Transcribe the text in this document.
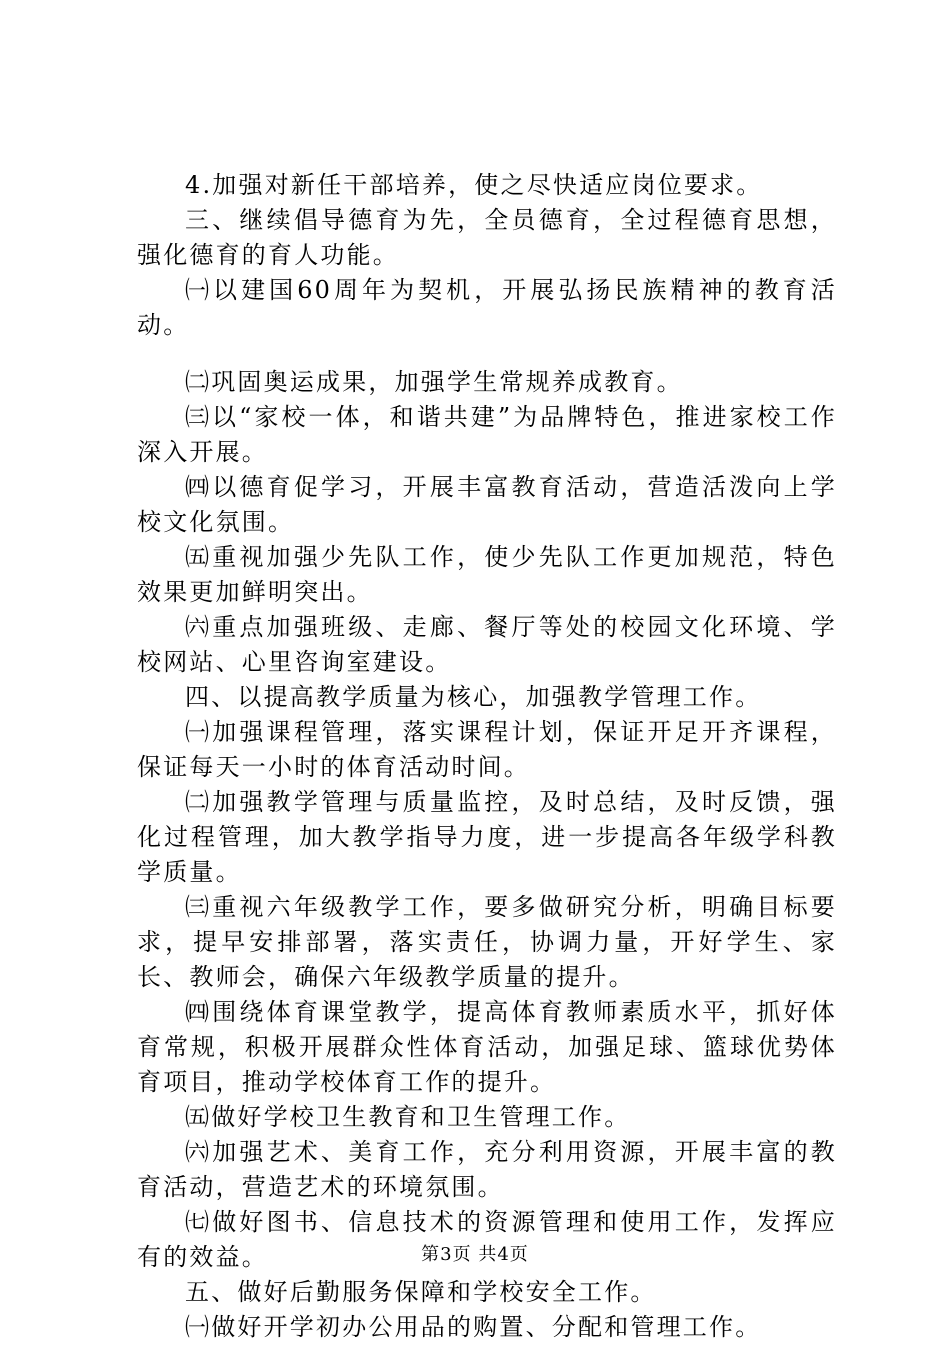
4.加强对新任干部培养，使之尽快适应岗位要求。

三、继续倡导德育为先，全员德育，全过程德育思想，强化德育的育人功能。

㈠以建国60周年为契机，开展弘扬民族精神的教育活动。

㈡巩固奥运成果，加强学生常规养成教育。

㈢以“家校一体，和谐共建”为品牌特色，推进家校工作深入开展。

㈣以德育促学习，开展丰富教育活动，营造活泼向上学校文化氛围。

㈤重视加强少先队工作，使少先队工作更加规范，特色效果更加鲜明突出。

㈥重点加强班级、走廊、餐厅等处的校园文化环境、学校网站、心里咨询室建设。

四、以提高教学质量为核心，加强教学管理工作。

㈠加强课程管理，落实课程计划，保证开足开齐课程，保证每天一小时的体育活动时间。

㈡加强教学管理与质量监控，及时总结，及时反馈，强化过程管理，加大教学指导力度，进一步提高各年级学科教学质量。

㈢重视六年级教学工作，要多做研究分析，明确目标要求，提早安排部署，落实责任，协调力量，开好学生、家长、教师会，确保六年级教学质量的提升。

㈣围绕体育课堂教学，提高体育教师素质水平，抓好体育常规，积极开展群众性体育活动，加强足球、篮球优势体育项目，推动学校体育工作的提升。

㈤做好学校卫生教育和卫生管理工作。

㈥加强艺术、美育工作，充分利用资源，开展丰富的教育活动，营造艺术的环境氛围。

㈦做好图书、信息技术的资源管理和使用工作，发挥应有的效益。

五、做好后勤服务保障和学校安全工作。

㈠做好开学初办公用品的购置、分配和管理工作。

第3页 共4页
